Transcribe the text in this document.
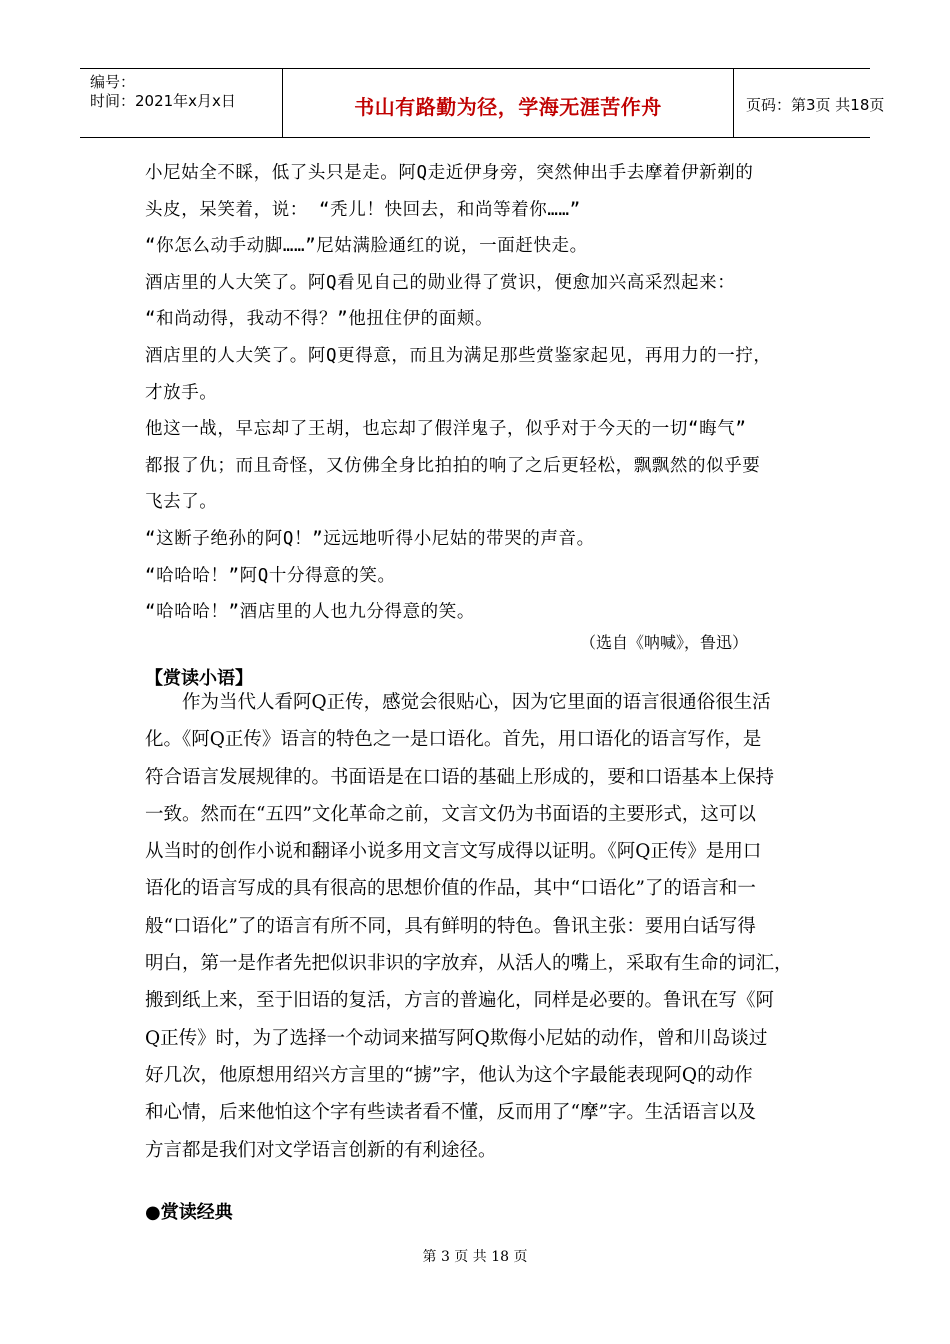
编号：
时间：2021年x月x日	书山有路勤为径，学海无涯苦作舟	页码：第3页 共18页
小尼姑全不睬，低了头只是走。阿Q走近伊身旁，突然伸出手去摩着伊新剃的
头皮，呆笑着，说： “秃儿！快回去，和尚等着你……”
“你怎么动手动脚……”尼姑满脸通红的说，一面赶快走。
酒店里的人大笑了。阿Q看见自己的勋业得了赏识，便愈加兴高采烈起来：
“和尚动得，我动不得？”他扭住伊的面颊。
酒店里的人大笑了。阿Q更得意，而且为满足那些赏鉴家起见，再用力的一拧，
才放手。
他这一战，早忘却了王胡，也忘却了假洋鬼子，似乎对于今天的一切“晦气”
都报了仇；而且奇怪，又仿佛全身比拍拍的响了之后更轻松，飘飘然的似乎要
飞去了。
“这断子绝孙的阿Q！”远远地听得小尼姑的带哭的声音。
“哈哈哈！”阿Q十分得意的笑。
“哈哈哈！”酒店里的人也九分得意的笑。
（选自《呐喊》，鲁迅）
【赏读小语】
作为当代人看阿Q正传，感觉会很贴心，因为它里面的语言很通俗很生活
化。《阿Q正传》语言的特色之一是口语化。首先，用口语化的语言写作，是
符合语言发展规律的。书面语是在口语的基础上形成的，要和口语基本上保持
一致。然而在“五四”文化革命之前，文言文仍为书面语的主要形式，这可以
从当时的创作小说和翻译小说多用文言文写成得以证明。《阿Q正传》是用口
语化的语言写成的具有很高的思想价值的作品，其中“口语化”了的语言和一
般“口语化”了的语言有所不同，具有鲜明的特色。鲁讯主张：要用白话写得
明白，第一是作者先把似识非识的字放弃，从活人的嘴上，采取有生命的词汇，
搬到纸上来，至于旧语的复活，方言的普遍化，同样是必要的。鲁讯在写《阿
Q正传》时，为了选择一个动词来描写阿Q欺侮小尼姑的动作，曾和川岛谈过
好几次，他原想用绍兴方言里的“掳”字，他认为这个字最能表现阿Q的动作
和心情，后来他怕这个字有些读者看不懂，反而用了“摩”字。生活语言以及
方言都是我们对文学语言创新的有利途径。
●赏读经典
第 3 页 共 18 页
